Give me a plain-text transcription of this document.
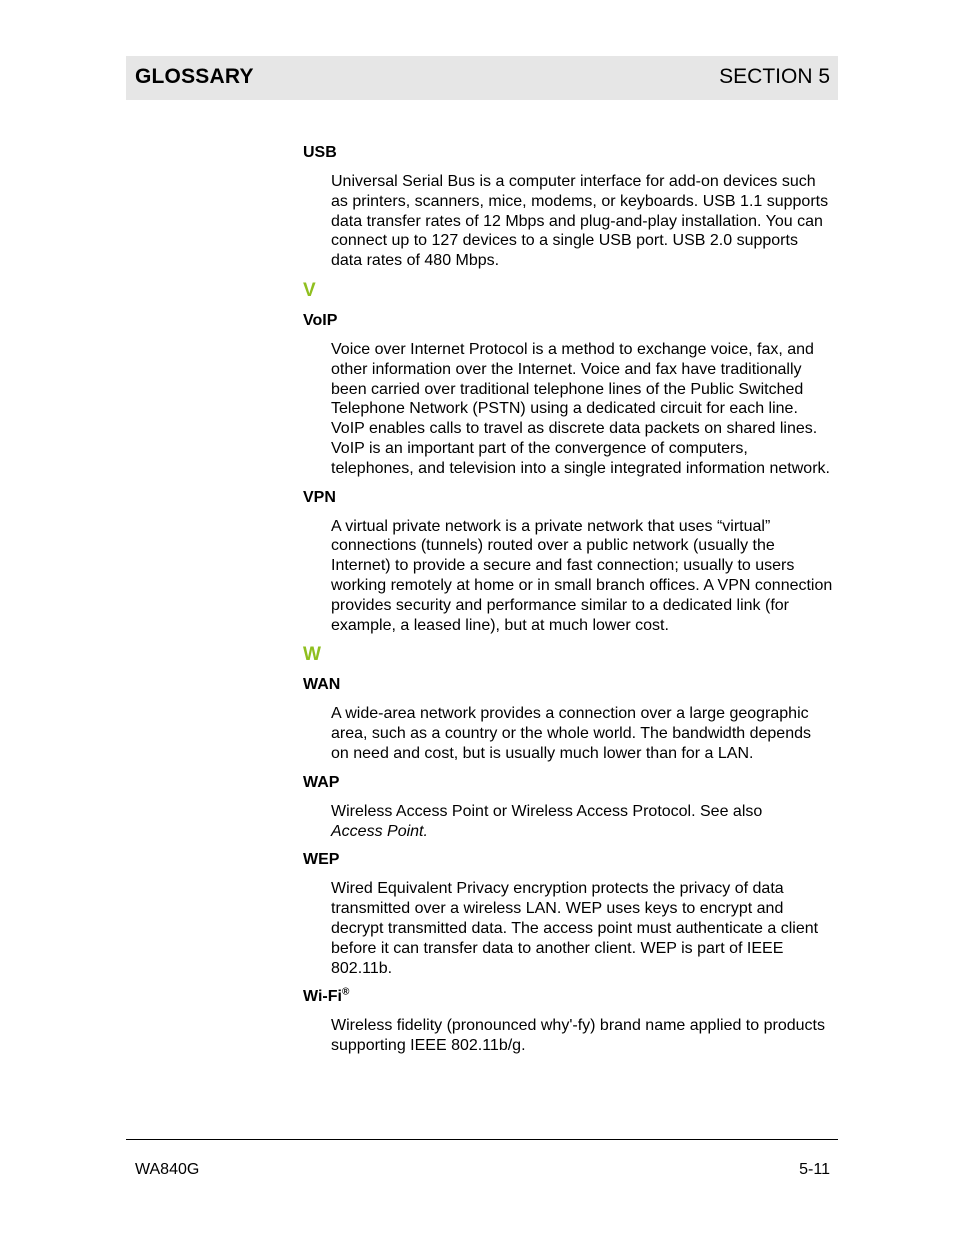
GLOSSARY	SECTION 5
USB
Universal Serial Bus is a computer interface for add-on devices such as printers, scanners, mice, modems, or keyboards. USB 1.1 supports data transfer rates of 12 Mbps and plug-and-play installation. You can connect up to 127 devices to a single USB port. USB 2.0 supports data rates of 480 Mbps.
V
VoIP
Voice over Internet Protocol is a method to exchange voice, fax, and other information over the Internet. Voice and fax have traditionally been carried over traditional telephone lines of the Public Switched Telephone Network (PSTN) using a dedicated circuit for each line. VoIP enables calls to travel as discrete data packets on shared lines. VoIP is an important part of the convergence of computers, telephones, and television into a single integrated information network.
VPN
A virtual private network is a private network that uses “virtual” connections (tunnels) routed over a public network (usually the Internet) to provide a secure and fast connection; usually to users working remotely at home or in small branch offices. A VPN connection provides security and performance similar to a dedicated link (for example, a leased line), but at much lower cost.
W
WAN
A wide-area network provides a connection over a large geographic area, such as a country or the whole world. The bandwidth depends on need and cost, but is usually much lower than for a LAN.
WAP
Wireless Access Point or Wireless Access Protocol. See also
Access Point.
WEP
Wired Equivalent Privacy encryption protects the privacy of data transmitted over a wireless LAN. WEP uses keys to encrypt and decrypt transmitted data. The access point must authenticate a client before it can transfer data to another client. WEP is part of IEEE 802.11b.
Wi-Fi®
Wireless fidelity (pronounced why'-fy) brand name applied to products supporting IEEE 802.11b/g.
WA840G	5-11
